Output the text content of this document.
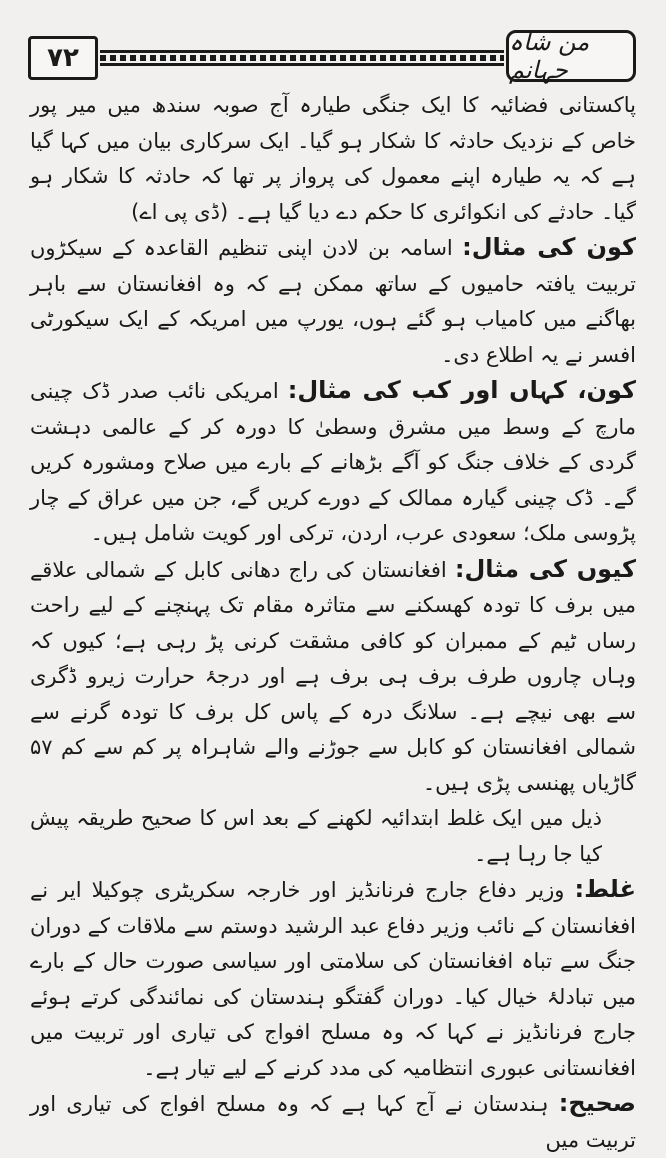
۷۲
من شاہ جہانم

پاکستانی فضائیہ کا ایک جنگی طیارہ آج صوبہ سندھ میں میر پور خاص کے نزدیک حادثہ کا شکار ہو گیا۔ ایک سرکاری بیان میں کہا گیا ہے کہ یہ طیارہ اپنے معمول کی پرواز پر تھا کہ حادثہ کا شکار ہو گیا۔ حادثے کی انکوائری کا حکم دے دیا گیا ہے۔ (ڈی پی اے)

کون کی مثال: اسامہ بن لادن اپنی تنظیم القاعدہ کے سیکڑوں تربیت یافتہ حامیوں کے ساتھ ممکن ہے کہ وہ افغانستان سے باہر بھاگنے میں کامیاب ہو گئے ہوں، یورپ میں امریکہ کے ایک سیکورٹی افسر نے یہ اطلاع دی۔

کون، کہاں اور کب کی مثال: امریکی نائب صدر ڈک چینی مارچ کے وسط میں مشرق وسطیٰ کا دورہ کر کے عالمی دہشت گردی کے خلاف جنگ کو آگے بڑھانے کے بارے میں صلاح ومشورہ کریں گے۔ ڈک چینی گیارہ ممالک کے دورے کریں گے، جن میں عراق کے چار پڑوسی ملک؛ سعودی عرب، اردن، ترکی اور کویت شامل ہیں۔

کیوں کی مثال: افغانستان کی راج دھانی کابل کے شمالی علاقے میں برف کا تودہ کھسکنے سے متاثرہ مقام تک پہنچنے کے لیے راحت رساں ٹیم کے ممبران کو کافی مشقت کرنی پڑ رہی ہے؛ کیوں کہ وہاں چاروں طرف برف ہی برف ہے اور درجۂ حرارت زیرو ڈگری سے بھی نیچے ہے۔ سلانگ درہ کے پاس کل برف کا تودہ گرنے سے شمالی افغانستان کو کابل سے جوڑنے والے شاہراہ پر کم سے کم ۵۷ گاڑیاں پھنسی پڑی ہیں۔

ذیل میں ایک غلط ابتدائیہ لکھنے کے بعد اس کا صحیح طریقہ پیش کیا جا رہا ہے۔

غلط: وزیر دفاع جارج فرنانڈیز اور خارجہ سکریٹری چوکیلا ایر نے افغانستان کے نائب وزیر دفاع عبد الرشید دوستم سے ملاقات کے دوران جنگ سے تباہ افغانستان کی سلامتی اور سیاسی صورت حال کے بارے میں تبادلۂ خیال کیا۔ دوران گفتگو ہندستان کی نمائندگی کرتے ہوئے جارج فرنانڈیز نے کہا کہ وہ مسلح افواج کی تیاری اور تربیت میں افغانستانی عبوری انتظامیہ کی مدد کرنے کے لیے تیار ہے۔

صحیح: ہندستان نے آج کہا ہے کہ وہ مسلح افواج کی تیاری اور تربیت میں
